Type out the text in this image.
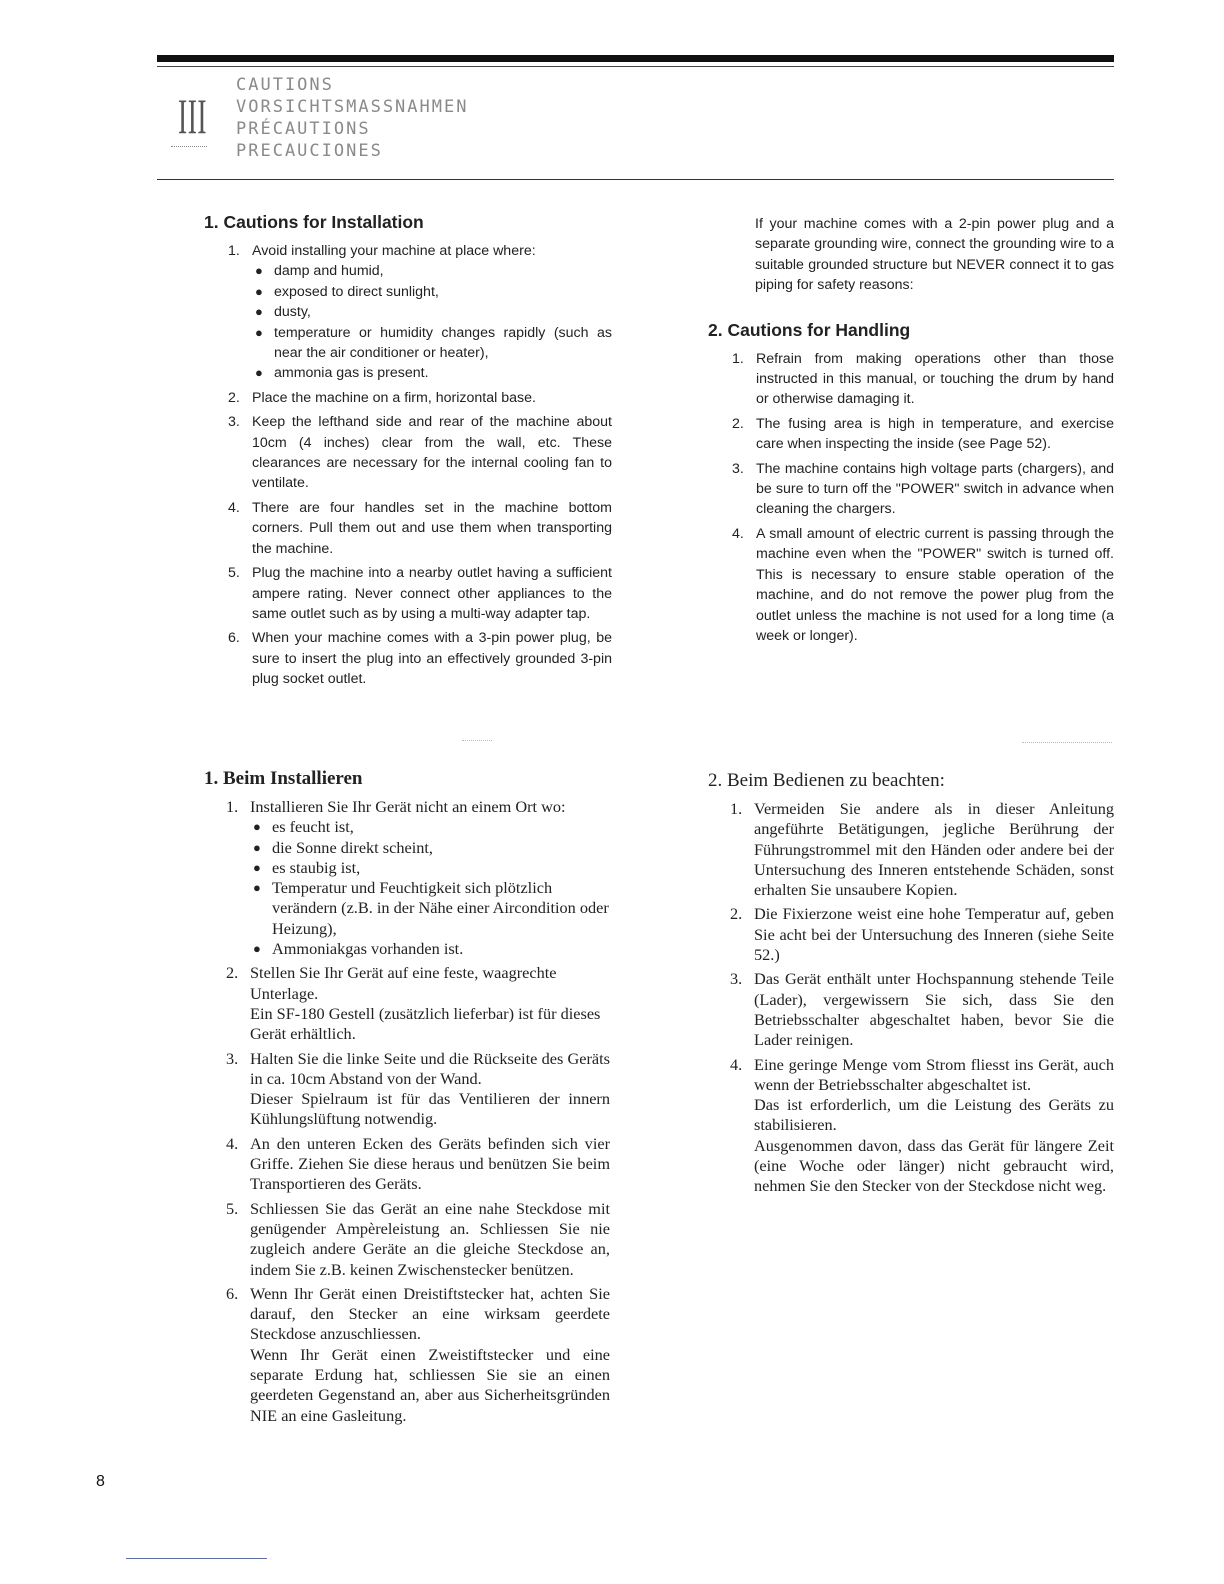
III
CAUTIONS
VORSICHTSMASSNAHMEN
PRÉCAUTIONS
PRECAUCIONES
1. Cautions for Installation
1. Avoid installing your machine at place where:
● damp and humid,
● exposed to direct sunlight,
● dusty,
● temperature or humidity changes rapidly (such as near the air conditioner or heater),
● ammonia gas is present.
2. Place the machine on a firm, horizontal base.
3. Keep the lefthand side and rear of the machine about 10cm (4 inches) clear from the wall, etc. These clearances are necessary for the internal cooling fan to ventilate.
4. There are four handles set in the machine bottom corners. Pull them out and use them when transporting the machine.
5. Plug the machine into a nearby outlet having a sufficient ampere rating. Never connect other appliances to the same outlet such as by using a multi-way adapter tap.
6. When your machine comes with a 3-pin power plug, be sure to insert the plug into an effectively grounded 3-pin plug socket outlet.
If your machine comes with a 2-pin power plug and a separate grounding wire, connect the grounding wire to a suitable grounded structure but NEVER connect it to gas piping for safety reasons:
2. Cautions for Handling
1. Refrain from making operations other than those instructed in this manual, or touching the drum by hand or otherwise damaging it.
2. The fusing area is high in temperature, and exercise care when inspecting the inside (see Page 52).
3. The machine contains high voltage parts (chargers), and be sure to turn off the "POWER" switch in advance when cleaning the chargers.
4. A small amount of electric current is passing through the machine even when the "POWER" switch is turned off. This is necessary to ensure stable operation of the machine, and do not remove the power plug from the outlet unless the machine is not used for a long time (a week or longer).
1. Beim Installieren
1. Installieren Sie Ihr Gerät nicht an einem Ort wo:
● es feucht ist,
● die Sonne direkt scheint,
● es staubig ist,
● Temperatur und Feuchtigkeit sich plötzlich verändern (z.B. in der Nähe einer Aircondition oder Heizung),
● Ammoniakgas vorhanden ist.
2. Stellen Sie Ihr Gerät auf eine feste, waagrechte Unterlage.
Ein SF-180 Gestell (zusätzlich lieferbar) ist für dieses Gerät erhältlich.
3. Halten Sie die linke Seite und die Rückseite des Geräts in ca. 10cm Abstand von der Wand.
Dieser Spielraum ist für das Ventilieren der innern Kühlungslüftung notwendig.
4. An den unteren Ecken des Geräts befinden sich vier Griffe. Ziehen Sie diese heraus und benützen Sie beim Transportieren des Geräts.
5. Schliessen Sie das Gerät an eine nahe Steckdose mit genügender Ampèreleistung an. Schliessen Sie nie zugleich andere Geräte an die gleiche Steckdose an, indem Sie z.B. keinen Zwischenstecker benützen.
6. Wenn Ihr Gerät einen Dreistiftstecker hat, achten Sie darauf, den Stecker an eine wirksam geerdete Steckdose anzuschliessen.
Wenn Ihr Gerät einen Zweistiftstecker und eine separate Erdung hat, schliessen Sie sie an einen geerdeten Gegenstand an, aber aus Sicherheitsgründen NIE an eine Gasleitung.
2. Beim Bedienen zu beachten:
1. Vermeiden Sie andere als in dieser Anleitung angeführte Betätigungen, jegliche Berührung der Führungstrommel mit den Händen oder andere bei der Untersuchung des Inneren entstehende Schäden, sonst erhalten Sie unsaubere Kopien.
2. Die Fixierzone weist eine hohe Temperatur auf, geben Sie acht bei der Untersuchung des Inneren (siehe Seite 52.)
3. Das Gerät enthält unter Hochspannung stehende Teile (Lader), vergewissern Sie sich, dass Sie den Betriebsschalter abgeschaltet haben, bevor Sie die Lader reinigen.
4. Eine geringe Menge vom Strom fliesst ins Gerät, auch wenn der Betriebsschalter abgeschaltet ist.
Das ist erforderlich, um die Leistung des Geräts zu stabilisieren.
Ausgenommen davon, dass das Gerät für längere Zeit (eine Woche oder länger) nicht gebraucht wird, nehmen Sie den Stecker von der Steckdose nicht weg.
8
